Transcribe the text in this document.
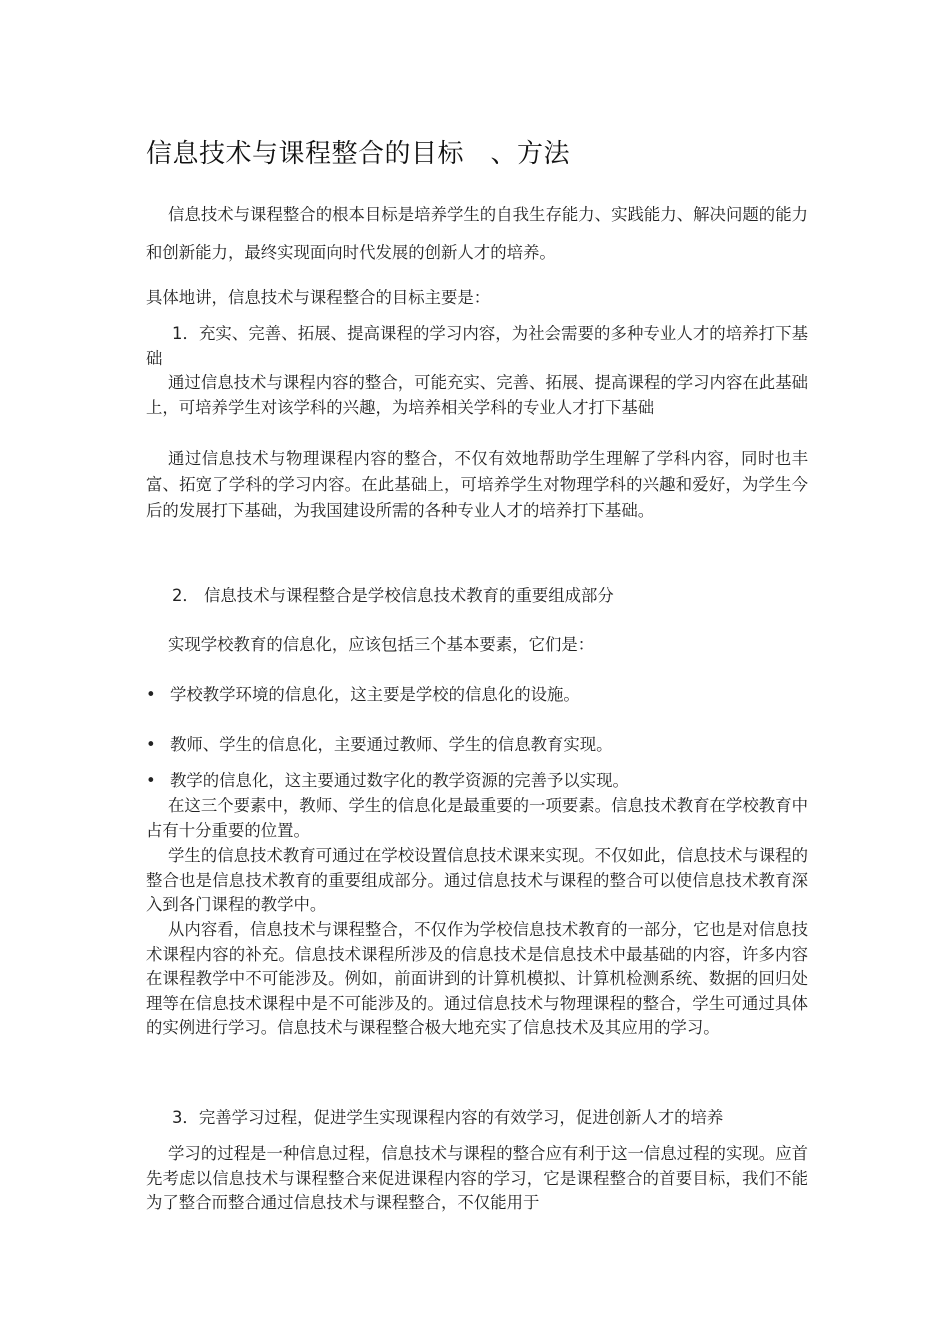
信息技术与课程整合的目标　、方法
信息技术与课程整合的根本目标是培养学生的自我生存能力、实践能力、解决问题的能力和创新能力，最终实现面向时代发展的创新人才的培养。
具体地讲，信息技术与课程整合的目标主要是：
1．充实、完善、拓展、提高课程的学习内容，为社会需要的多种专业人才的培养打下基础
通过信息技术与课程内容的整合，可能充实、完善、拓展、提高课程的学习内容在此基础上，可培养学生对该学科的兴趣，为培养相关学科的专业人才打下基础
通过信息技术与物理课程内容的整合，不仅有效地帮助学生理解了学科内容，同时也丰富、拓宽了学科的学习内容。在此基础上，可培养学生对物理学科的兴趣和爱好，为学生今后的发展打下基础，为我国建设所需的各种专业人才的培养打下基础。
2． 信息技术与课程整合是学校信息技术教育的重要组成部分
实现学校教育的信息化，应该包括三个基本要素，它们是：
• 学校教学环境的信息化，这主要是学校的信息化的设施。
• 教师、学生的信息化，主要通过教师、学生的信息教育实现。
• 教学的信息化，这主要通过数字化的教学资源的完善予以实现。
在这三个要素中，教师、学生的信息化是最重要的一项要素。信息技术教育在学校教育中占有十分重要的位置。
学生的信息技术教育可通过在学校设置信息技术课来实现。不仅如此，信息技术与课程的整合也是信息技术教育的重要组成部分。通过信息技术与课程的整合可以使信息技术教育深入到各门课程的教学中。
从内容看，信息技术与课程整合，不仅作为学校信息技术教育的一部分，它也是对信息技术课程内容的补充。信息技术课程所涉及的信息技术是信息技术中最基础的内容，许多内容在课程教学中不可能涉及。例如，前面讲到的计算机模拟、计算机检测系统、数据的回归处理等在信息技术课程中是不可能涉及的。通过信息技术与物理课程的整合，学生可通过具体的实例进行学习。信息技术与课程整合极大地充实了信息技术及其应用的学习。
3．完善学习过程，促进学生实现课程内容的有效学习，促进创新人才的培养
学习的过程是一种信息过程，信息技术与课程的整合应有利于这一信息过程的实现。应首先考虑以信息技术与课程整合来促进课程内容的学习，它是课程整合的首要目标，我们不能为了整合而整合通过信息技术与课程整合，不仅能用于
